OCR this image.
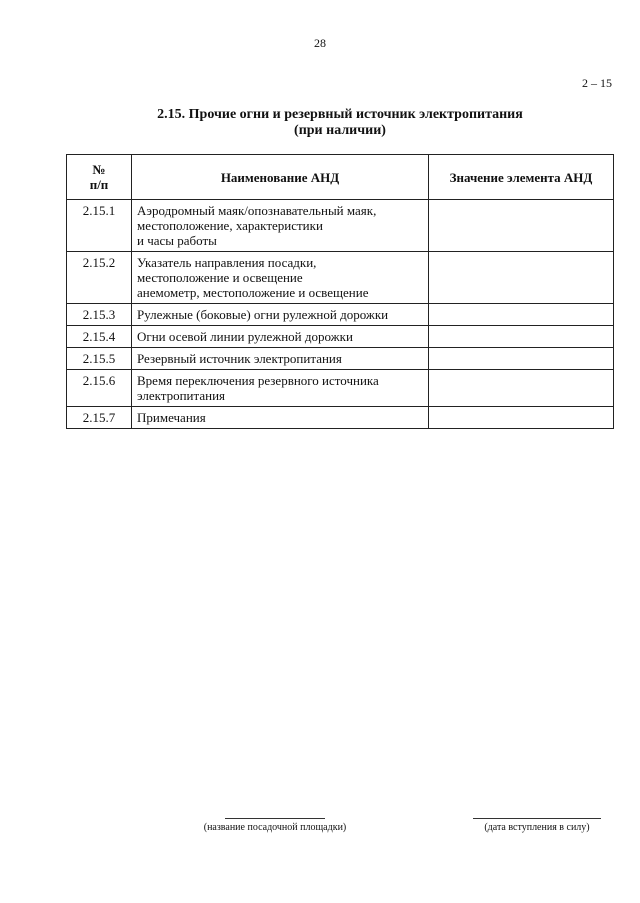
28
2 – 15
2.15. Прочие огни и резервный источник электропитания
(при наличии)
№
п/п	Наименование АНД	Значение элемента АНД
2.15.1	Аэродромный маяк/опознавательный маяк,
местоположение, характеристики
и часы работы	

2.15.2	Указатель направления посадки,
местоположение и освещение
анемометр, местоположение и освещение	

2.15.3	Рулежные (боковые) огни рулежной дорожки	

2.15.4	Огни осевой линии рулежной дорожки	

2.15.5	Резервный источник электропитания	

2.15.6	Время переключения резервного источника
электропитания	

2.15.7	Примечания	

(название посадочной площадки)	(дата вступления в силу)
